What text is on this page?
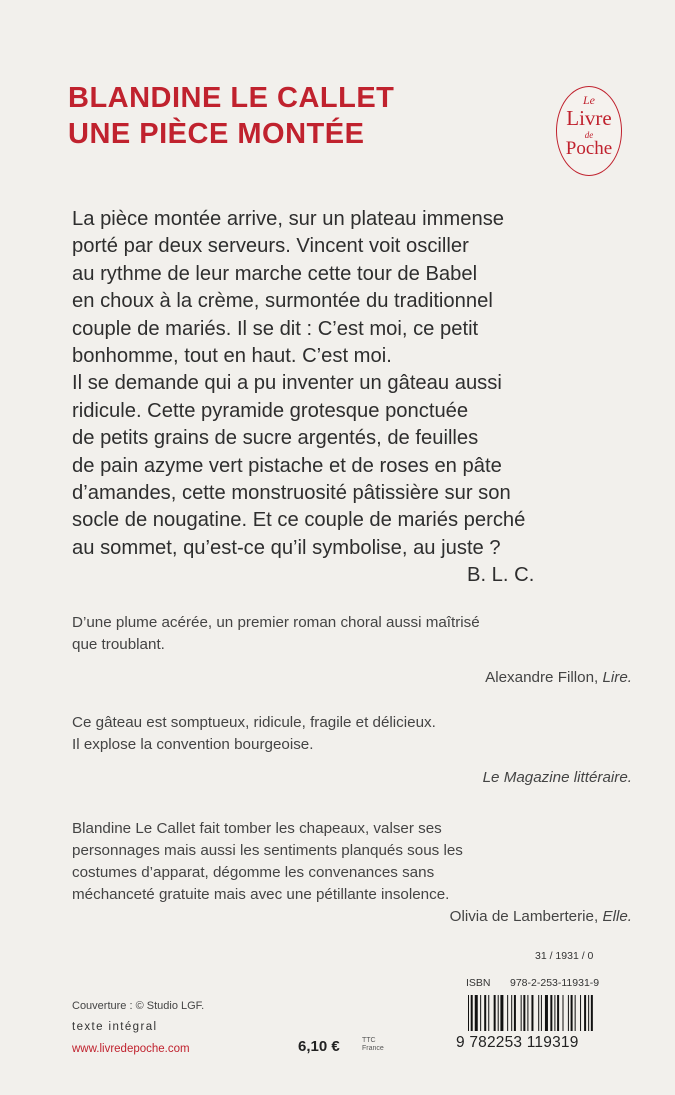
BLANDINE LE CALLET
UNE PIÈCE MONTÉE
Le
Livre
de
Poche
La pièce montée arrive, sur un plateau immense
porté par deux serveurs. Vincent voit osciller
au rythme de leur marche cette tour de Babel
en choux à la crème, surmontée du traditionnel
couple de mariés. Il se dit : C’est moi, ce petit
bonhomme, tout en haut. C’est moi.
Il se demande qui a pu inventer un gâteau aussi
ridicule. Cette pyramide grotesque ponctuée
de petits grains de sucre argentés, de feuilles
de pain azyme vert pistache et de roses en pâte
d’amandes, cette monstruosité pâtissière sur son
socle de nougatine. Et ce couple de mariés perché
au sommet, qu’est-ce qu’il symbolise, au juste ?
B. L. C.
D’une plume acérée, un premier roman choral aussi maîtrisé
que troublant.
Alexandre Fillon, Lire.
Ce gâteau est somptueux, ridicule, fragile et délicieux.
Il explose la convention bourgeoise.
Le Magazine littéraire.
Blandine Le Callet fait tomber les chapeaux, valser ses
personnages mais aussi les sentiments planqués sous les
costumes d’apparat, dégomme les convenances sans
méchanceté gratuite mais avec une pétillante insolence.
Olivia de Lamberterie, Elle.
31 / 1931 / 0
ISBN 978-2-253-11931-9
9 782253 119319
Couverture : © Studio LGF.
texte intégral
www.livredepoche.com	6,10 €	TTC
France
